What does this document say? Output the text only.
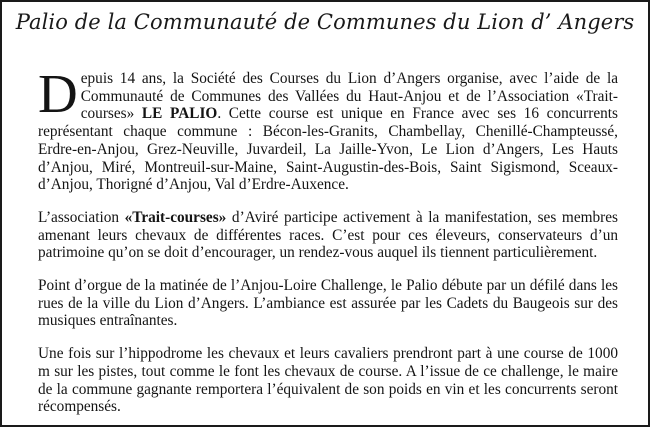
Palio de la Communauté de Communes du Lion d’ Angers

Depuis 14 ans, la Société des Courses du Lion d’Angers organise, avec l’aide de la Communauté de Communes des Vallées du Haut-Anjou et de l’Association «Trait-courses» LE PALIO. Cette course est unique en France avec ses 16 concurrents représentant chaque commune : Bécon-les-Granits, Chambellay, Chenillé-Champteussé, Erdre-en-Anjou, Grez-Neuville, Juvardeil, La Jaille-Yvon, Le Lion d’Angers, Les Hauts d’Anjou, Miré, Montreuil-sur-Maine, Saint-Augustin-des-Bois, Saint Sigismond, Sceaux-d’Anjou, Thorigné d’Anjou, Val d’Erdre-Auxence.

L’association «Trait-courses» d’Aviré participe activement à la manifestation, ses membres amenant leurs chevaux de différentes races. C’est pour ces éleveurs, conservateurs d’un patrimoine qu’on se doit d’encourager, un rendez-vous auquel ils tiennent particulièrement.

Point d’orgue de la matinée de l’Anjou-Loire Challenge, le Palio débute par un défilé dans les rues de la ville du Lion d’Angers. L’ambiance est assurée par les Cadets du Baugeois sur des musiques entraînantes.

Une fois sur l’hippodrome les chevaux et leurs cavaliers prendront part à une course de 1000 m sur les pistes, tout comme le font les chevaux de course. A l’issue de ce challenge, le maire de la commune gagnante remportera l’équivalent de son poids en vin et les concurrents seront récompensés.
